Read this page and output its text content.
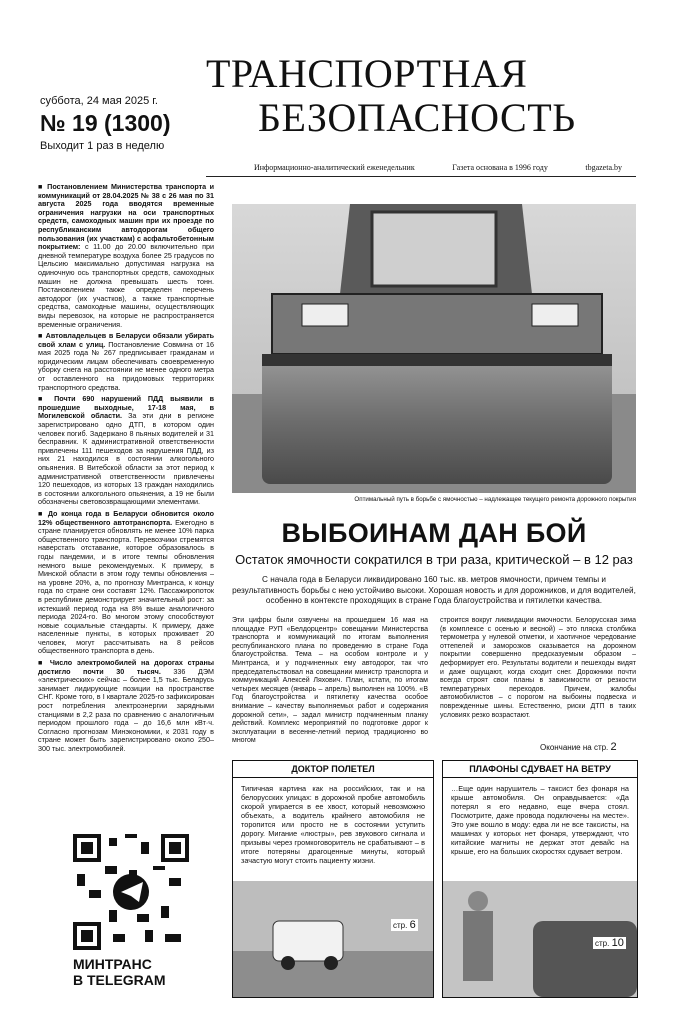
ТРАНСПОРТНАЯ
БЕЗОПАСНОСТЬ
суббота, 24 мая 2025 г.
№ 19 (1300)
Выходит 1 раз в неделю
Информационно-аналитический еженедельник	Газета основана в 1996 году	tbgazeta.by

■ Постановлением Министерства транспорта и коммуникаций от 28.04.2025 № 38 с 26 мая по 31 августа 2025 года вводятся временные ограничения нагрузки на оси транспортных средств, самоходных машин при их проезде по республиканским автодорогам общего пользования (их участкам) с асфальтобетонным покрытием: с 11.00 до 20.00 включительно при дневной температуре воздуха более 25 градусов по Цельсию максимально допустимая нагрузка на одиночную ось транспортных средств, самоходных машин не должна превышать шесть тонн. Постановлением также определен перечень автодорог (их участков), а также транспортные средства, самоходные машины, осуществляющих виды перевозок, на которые не распространяется временные ограничения.

■ Автовладельцев в Беларуси обязали убирать свой хлам с улиц. Постановление Совмина от 16 мая 2025 года № 267 предписывает гражданам и юридическим лицам обеспечивать своевременную уборку снега на расстоянии не менее одного метра от оставленного на придомовых территориях транспортного средства.

■ Почти 690 нарушений ПДД выявили в прошедшие выходные, 17-18 мая, в Могилевской области. За эти дни в регионе зарегистрировано одно ДТП, в котором один человек погиб. Задержано 8 пьяных водителей и 31 бесправник. К административной ответственности привлечены 111 пешеходов за нарушения ПДД, из них 21 находился в состоянии алкогольного опьянения. В Витебской области за этот период к административной ответственности привлечены 120 пешеходов, из которых 13 граждан находились в состоянии алкогольного опьянения, а 19 не были обозначены световозвращающими элементами.

■ До конца года в Беларуси обновится около 12% общественного автотранспорта. Ежегодно в стране планируется обновлять не менее 10% парка общественного транспорта. Перевозчики стремятся наверстать отставание, которое образовалось в годы пандемии, и в итоге темпы обновления немного выше рекомендуемых. К примеру, в Минской области в этом году темпы обновления – на уровне 20%, а, по прогнозу Минтранса, к концу года по стране они составят 12%. Пассажиропоток в республике демонстрирует значительный рост: за истекший период года на 8% выше аналогичного периода 2024-го. Во многом этому способствуют новые социальные стандарты. К примеру, даже населенные пункты, в которых проживает 20 человек, могут рассчитывать на 8 рейсов общественного транспорта в день.

■ Число электромобилей на дорогах страны достигло почти 30 тысяч. 336 ДЭМ «электрических» сейчас – более 1,5 тыс. Беларусь занимает лидирующие позиции на пространстве СНГ. Кроме того, в I квартале 2025-го зафиксирован рост потребления электроэнергии зарядными станциями в 2,2 раза по сравнению с аналогичным периодом прошлого года – до 16,6 млн кВт·ч. Согласно прогнозам Минэкономики, к 2031 году в стране может быть зарегистрировано около 250–300 тыс. электромобилей.

Оптимальный путь в борьбе с ямочностью – надлежащее текущего ремонта дорожного покрытия
ВЫБОИНАМ ДАН БОЙ
Остаток ямочности сократился в три раза, критической – в 12 раз
С начала года в Беларуси ликвидировано 160 тыс. кв. метров ямочности, причем темпы и результативность борьбы с нею устойчиво высоки. Хорошая новость и для дорожников, и для водителей, особенно в контексте проходящих в стране Года благоустройства и пятилетки качества.
Эти цифры были озвучены на прошедшем 16 мая на площадке РУП «Белдорцентр» совещании Министерства транспорта и коммуникаций по итогам выполнения республиканского плана по проведению в стране Года благоустройства. Тема – на особом контроле и у Минтранса, и у подчиненных ему автодорог, так что председательствовал на совещании министр транспорта и коммуникаций Алексей Ляхович. План, кстати, по итогам четырех месяцев (январь – апрель) выполнен на 100%. «В Год благоустройства и пятилетку качества особое внимание – качеству выполняемых работ и содержания дорожной сети», – задал министр подчиненным планку действий. Комплекс мероприятий по подготовке дорог к эксплуатации в весенне-летний период традиционно во многом
строится вокруг ликвидации ямочности. Белорусская зима (в комплексе с осенью и весной) – это пляска столбика термометра у нулевой отметки, и хаотичное чередование оттепелей и заморозков сказывается на дорожном покрытии совершенно предсказуемым образом – деформирует его. Результаты водители и пешеходы видят и даже ощущают, когда сходит снег. Дорожники почти всегда строят свои планы в зависимости от резкости температурных переходов. Причем, жалобы автомобилистов – с порогом на выбоины подвеска и поврежденные шины. Естественно, риски ДТП в таких условиях резко возрастают.
Окончание на стр. 2
ДОКТОР ПОЛЕТЕЛ
Типичная картина как на российских, так и на белорусских улицах: в дорожной пробке автомобиль скорой упирается в ее хвост, который невозможно объехать, а водитель крайнего автомобиля не торопится или просто не в состоянии уступить дорогу. Мигание «люстры», рев звукового сигнала и призывы через громкоговоритель не срабатывают – в итоге потеряны драгоценные минуты, который зачастую могут стоить пациенту жизни.
стр. 6
ПЛАФОНЫ СДУВАЕТ НА ВЕТРУ
…Еще один нарушитель – таксист без фонаря на крыше автомобиля. Он оправдывается: «Да потерял я его недавно, еще вчера стоял. Посмотрите, даже провода подключены на месте». Это уже вошло в моду: едва ли не все таксисты, на машинах у которых нет фонаря, утверждают, что китайские магниты не держат этот девайс на крыше, его на больших скоростях сдувает ветром.
стр. 10
МИНТРАНС
В TELEGRAM
